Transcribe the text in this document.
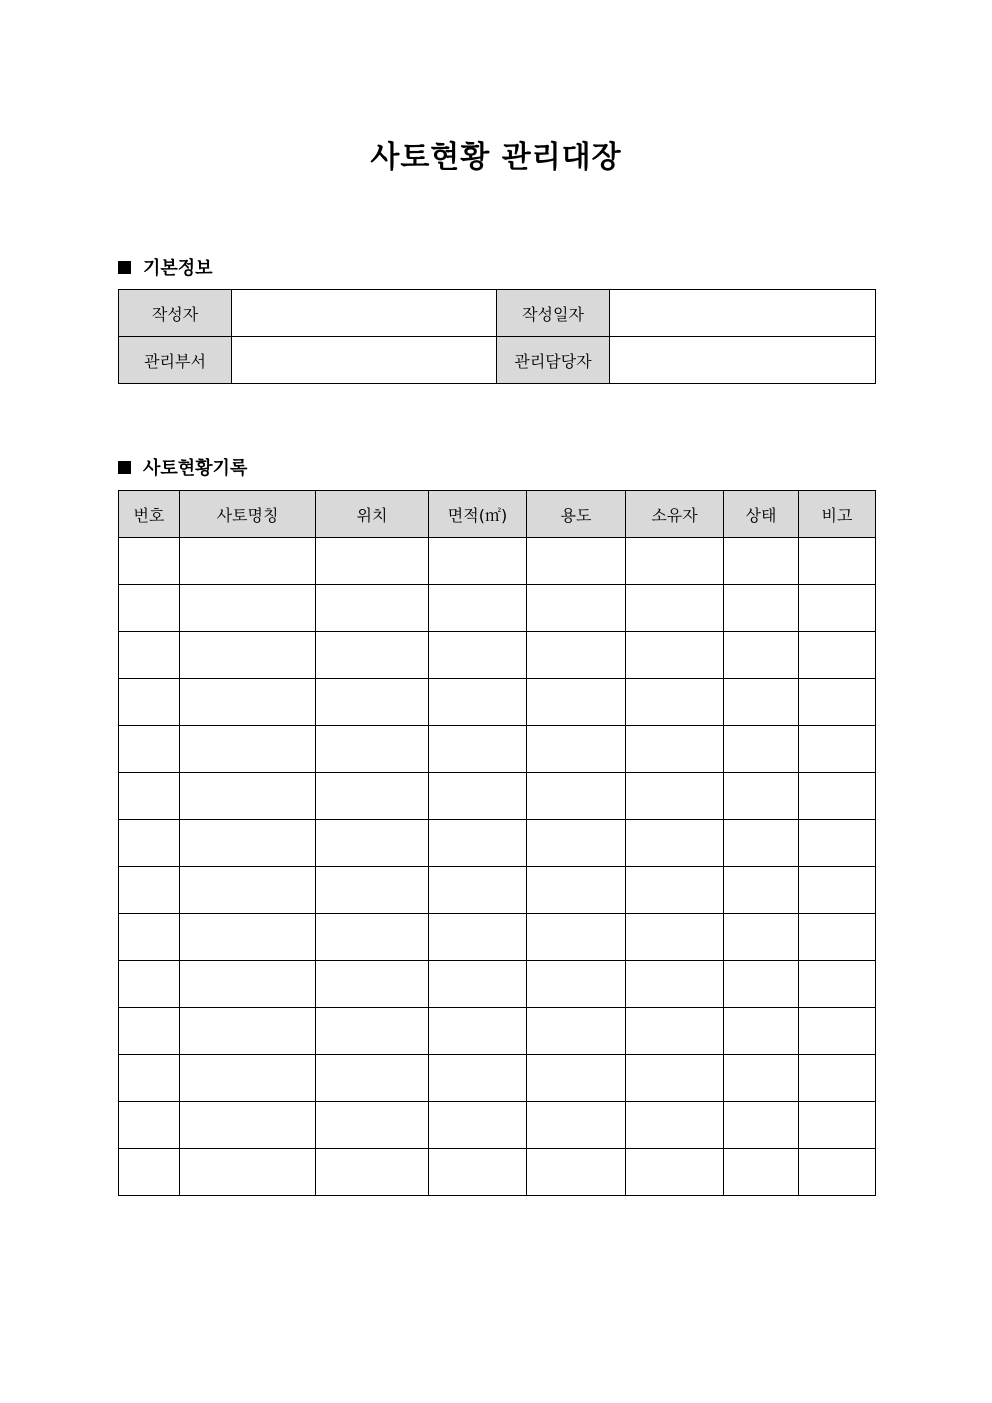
사토현황 관리대장
기본정보
작성자		작성일자	
관리부서		관리담당자	
사토현황기록
번호	사토명칭	위치	면적(㎡)	용도	소유자	상태	비고
